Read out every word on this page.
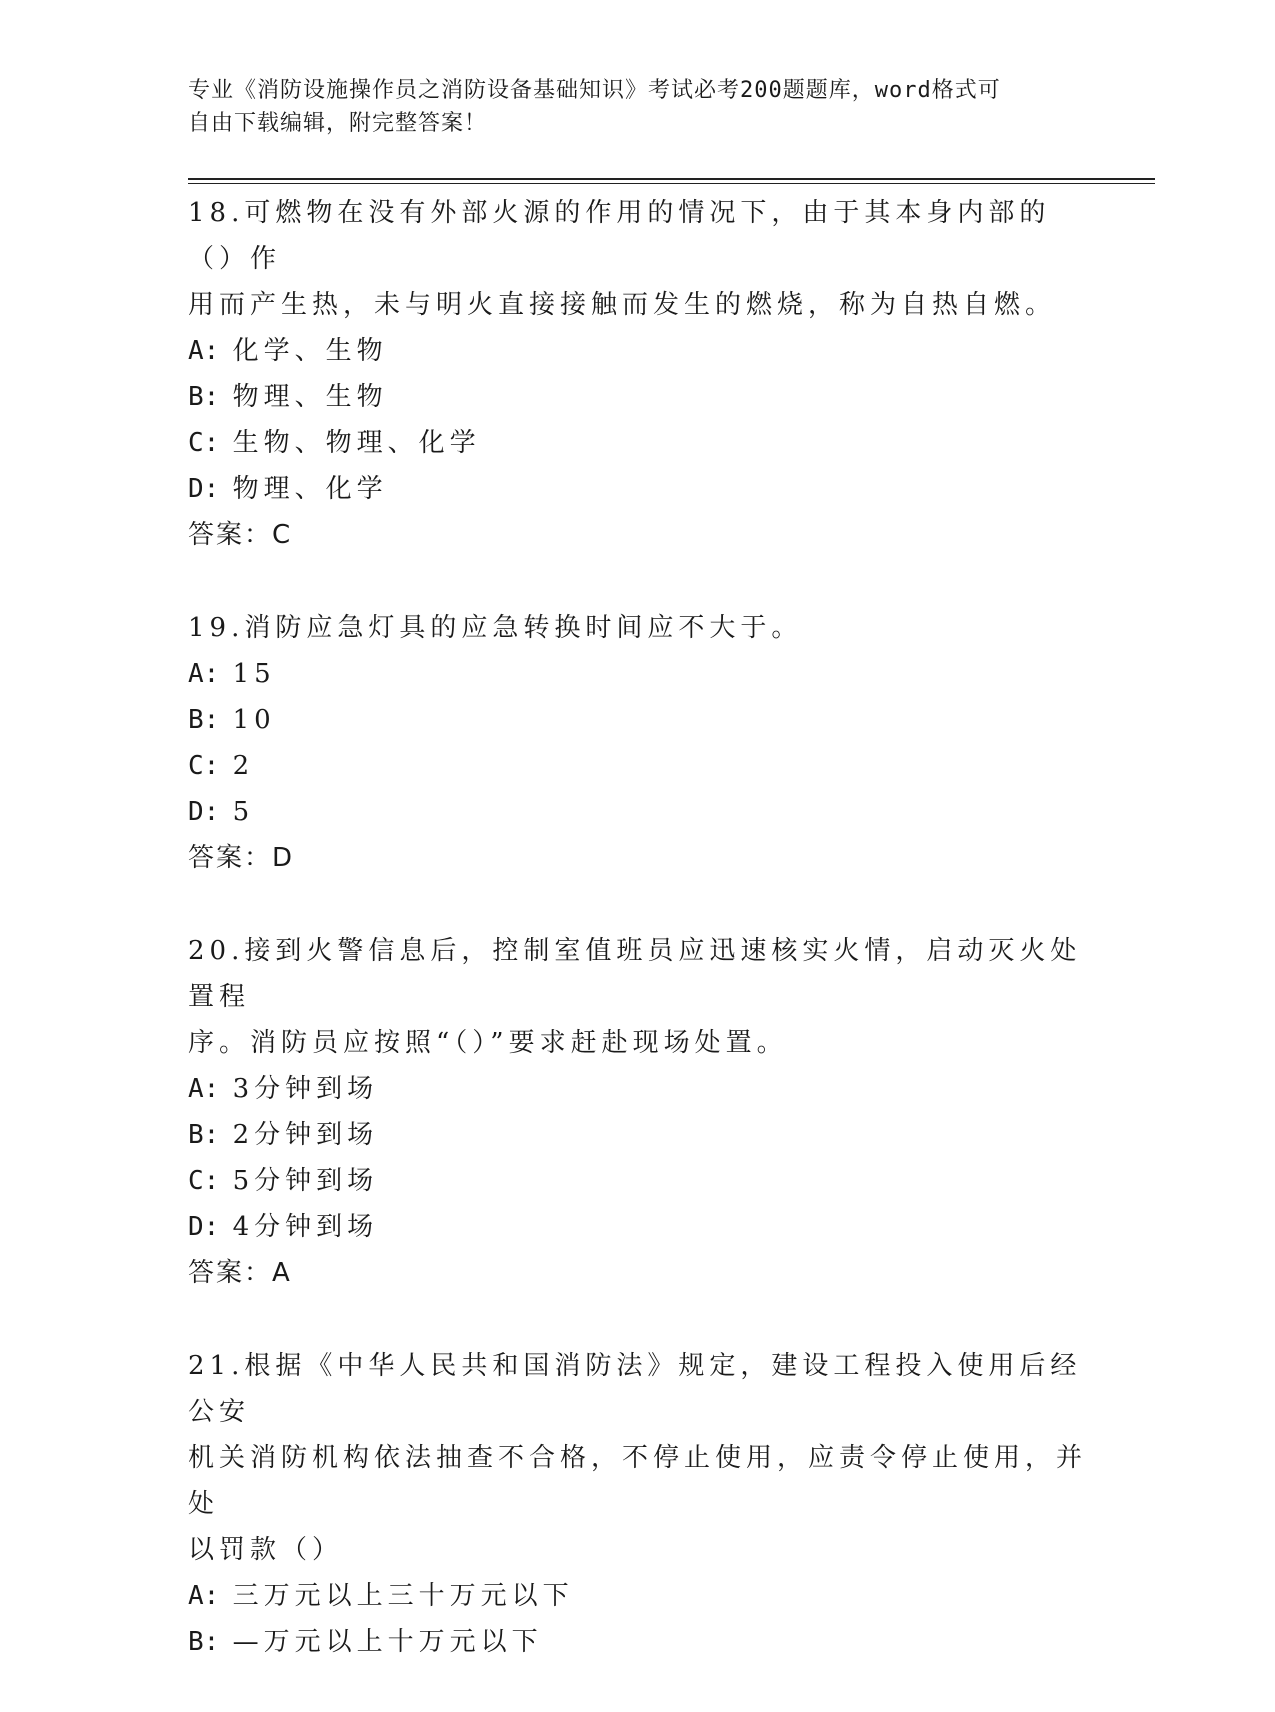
专业《消防设施操作员之消防设备基础知识》考试必考200题题库，word格式可
自由下载编辑，附完整答案！
18.可燃物在没有外部火源的作用的情况下，由于其本身内部的（）作
用而产生热，未与明火直接接触而发生的燃烧，称为自热自燃。
A: 化学、生物
B: 物理、生物
C: 生物、物理、化学
D: 物理、化学
答案：C
19.消防应急灯具的应急转换时间应不大于。
A: 15
B: 10
C: 2
D: 5
答案：D
20.接到火警信息后，控制室值班员应迅速核实火情，启动灭火处置程
序。消防员应按照“（）”要求赶赴现场处置。
A: 3分钟到场
B: 2分钟到场
C: 5分钟到场
D: 4分钟到场
答案：A
21.根据《中华人民共和国消防法》规定，建设工程投入使用后经公安
机关消防机构依法抽查不合格，不停止使用，应责令停止使用，并处
以罚款（）
A: 三万元以上三十万元以下
B: —万元以上十万元以下
